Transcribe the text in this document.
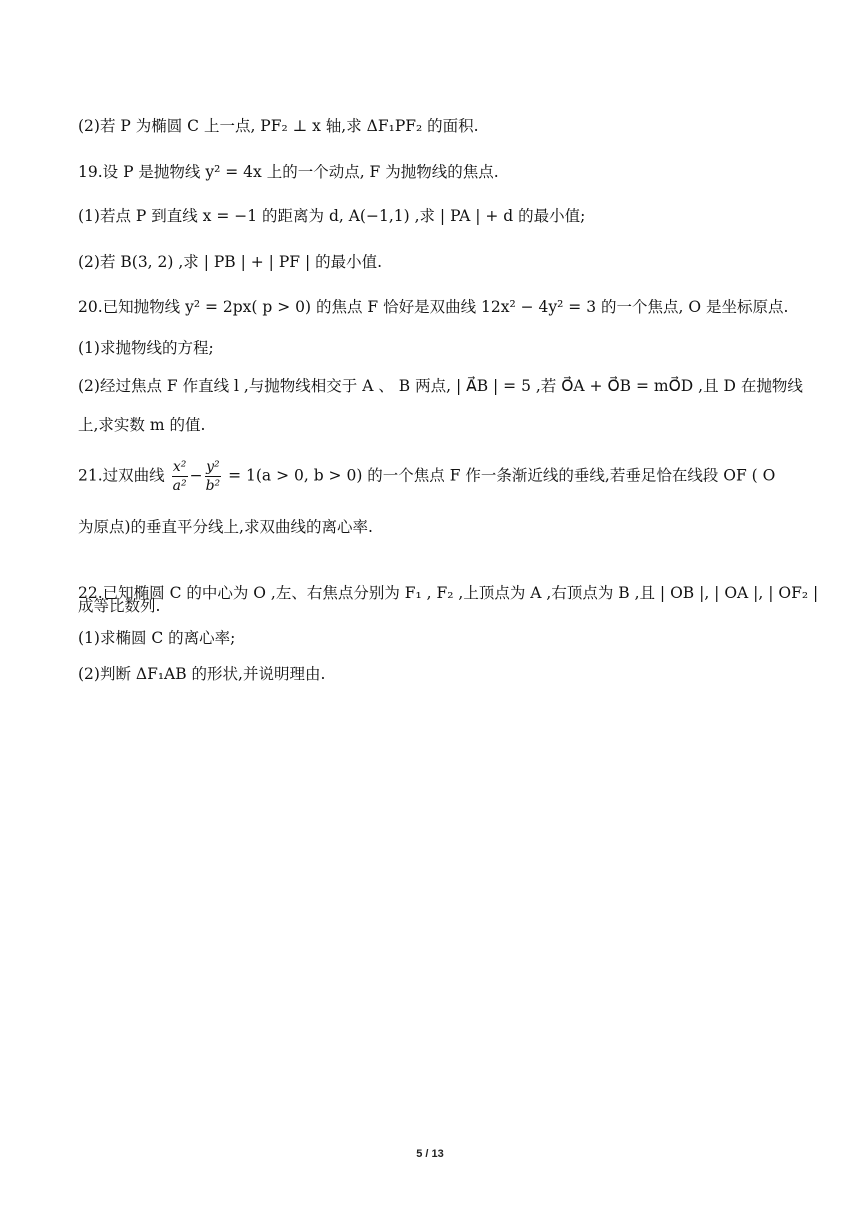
(2)若 P 为椭圆 C 上一点, PF₂ ⊥ x 轴,求 ΔF₁PF₂ 的面积.
19.设 P 是抛物线 y² = 4x 上的一个动点, F 为抛物线的焦点.
(1)若点 P 到直线 x = −1 的距离为 d, A(−1,1) ,求 | PA | + d 的最小值;
(2)若 B(3, 2) ,求 | PB | + | PF | 的最小值.
20.已知抛物线 y² = 2px( p > 0) 的焦点 F 恰好是双曲线 12x² − 4y² = 3 的一个焦点, O 是坐标原点.
(1)求抛物线的方程;
(2)经过焦点 F 作直线 l ,与抛物线相交于 A 、 B 两点, | A⃗B | = 5 ,若 O⃗A + O⃗B = mO⃗D ,且 D 在抛物线
上,求实数 m 的值.
21.过双曲线 $\frac{\text{x²}}{\text{a²}} - \frac{\text{y²}}{\text{b²}} = 1(a > 0$, b > 0) 的一个焦点 F 作一条渐近线的垂线,若垂足恰在线段 OF ( O
为原点)的垂直平分线上,求双曲线的离心率.
22.已知椭圆 C 的中心为 O ,左、右焦点分别为 F₁ , F₂ ,上顶点为 A ,右顶点为 B ,且 | OB |, | OA |, | OF₂ |
成等比数列.
(1)求椭圆 C 的离心率;
(2)判断 ΔF₁AB 的形状,并说明理由.
5 / 13
